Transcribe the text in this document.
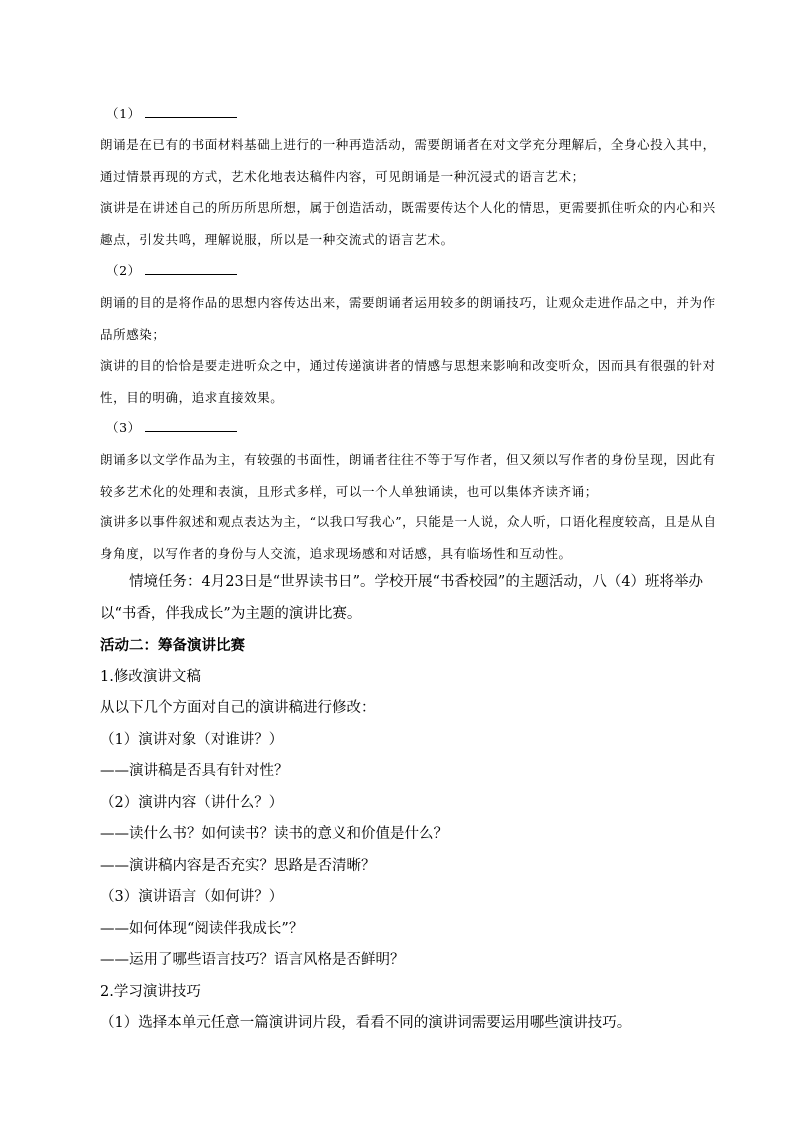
（1）

朗诵是在已有的书面材料基础上进行的一种再造活动，需要朗诵者在对文学充分理解后，全身心投入其中，通过情景再现的方式，艺术化地表达稿件内容，可见朗诵是一种沉浸式的语言艺术；

演讲是在讲述自己的所历所思所想，属于创造活动，既需要传达个人化的情思，更需要抓住听众的内心和兴趣点，引发共鸣，理解说服，所以是一种交流式的语言艺术。

（2）

朗诵的目的是将作品的思想内容传达出来，需要朗诵者运用较多的朗诵技巧，让观众走进作品之中，并为作品所感染；

演讲的目的恰恰是要走进听众之中，通过传递演讲者的情感与思想来影响和改变听众，因而具有很强的针对性，目的明确，追求直接效果。

（3）

朗诵多以文学作品为主，有较强的书面性，朗诵者往往不等于写作者，但又须以写作者的身份呈现，因此有较多艺术化的处理和表演，且形式多样，可以一个人单独诵读，也可以集体齐读齐诵；

演讲多以事件叙述和观点表达为主，“以我口写我心”，只能是一人说，众人听，口语化程度较高，且是从自身角度，以写作者的身份与人交流，追求现场感和对话感，具有临场性和互动性。

情境任务：4月23日是“世界读书日”。学校开展“书香校园”的主题活动，八（4）班将举办以“书香，伴我成长”为主题的演讲比赛。

活动二：筹备演讲比赛

1.修改演讲文稿

从以下几个方面对自己的演讲稿进行修改：

（1）演讲对象（对谁讲？）

——演讲稿是否具有针对性？

（2）演讲内容（讲什么？）

——读什么书？如何读书？读书的意义和价值是什么？

——演讲稿内容是否充实？思路是否清晰？

（3）演讲语言（如何讲？）

——如何体现“阅读伴我成长”？

——运用了哪些语言技巧？语言风格是否鲜明？

2.学习演讲技巧

（1）选择本单元任意一篇演讲词片段，看看不同的演讲词需要运用哪些演讲技巧。
